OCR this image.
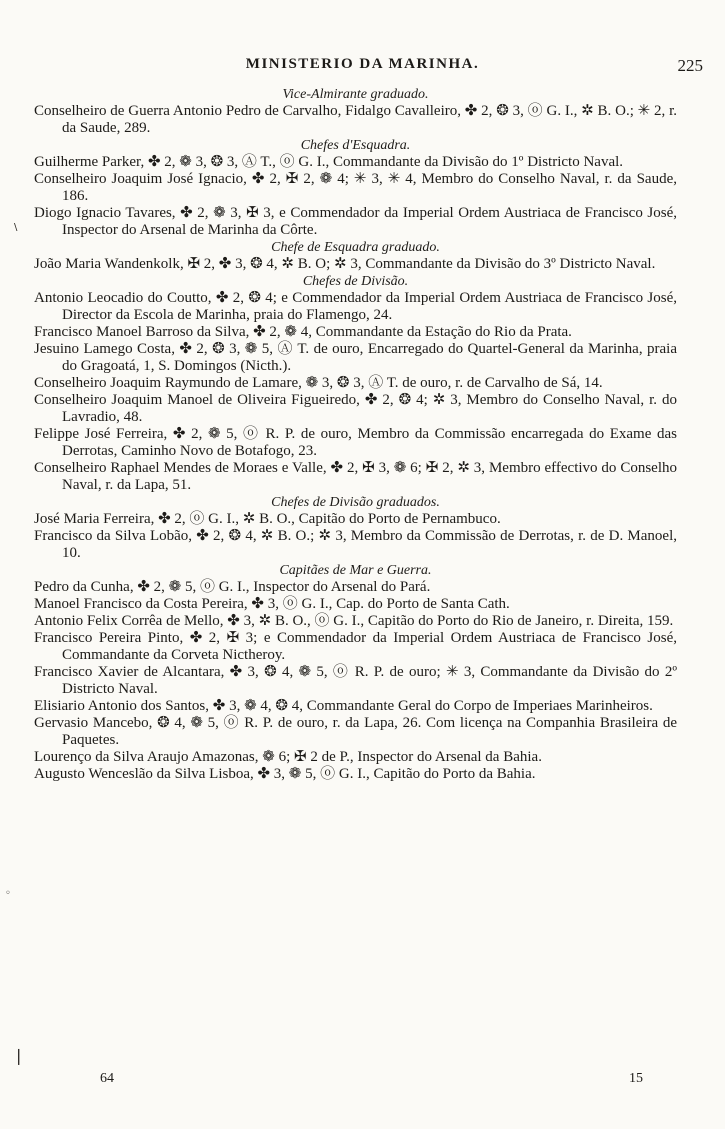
MINISTERIO DA MARINHA.	225

Vice-Almirante graduado.

Conselheiro de Guerra Antonio Pedro de Carvalho, Fidalgo Cavalleiro, ✤ 2, ❂ 3, ⓞ G. I., ✲ B. O.; ✳ 2, r. da Saude, 289.

Chefes d'Esquadra.

Guilherme Parker, ✤ 2, ❁ 3, ❂ 3, Ⓐ T., ⓞ G. I., Commandante da Divisão do 1º Districto Naval.

Conselheiro Joaquim José Ignacio, ✤ 2, ✠ 2, ❁ 4; ✳ 3, ✳ 4, Membro do Conselho Naval, r. da Saude, 186.

Diogo Ignacio Tavares, ✤ 2, ❁ 3, ✠ 3, e Commendador da Imperial Ordem Austriaca de Francisco José, Inspector do Arsenal de Marinha da Côrte.

Chefe de Esquadra graduado.

João Maria Wandenkolk, ✠ 2, ✤ 3, ❂ 4, ✲ B. O; ✲ 3, Commandante da Divisão do 3º Districto Naval.

Chefes de Divisão.

Antonio Leocadio do Coutto, ✤ 2, ❂ 4; e Commendador da Imperial Ordem Austriaca de Francisco José, Director da Escola de Marinha, praia do Flamengo, 24.

Francisco Manoel Barroso da Silva, ✤ 2, ❁ 4, Commandante da Estação do Rio da Prata.

Jesuino Lamego Costa, ✤ 2, ❂ 3, ❁ 5, Ⓐ T. de ouro, Encarregado do Quartel-General da Marinha, praia do Gragoatá, 1, S. Domingos (Nicth.).

Conselheiro Joaquim Raymundo de Lamare, ❁ 3, ❂ 3, Ⓐ T. de ouro, r. de Carvalho de Sá, 14.

Conselheiro Joaquim Manoel de Oliveira Figueiredo, ✤ 2, ❂ 4; ✲ 3, Membro do Conselho Naval, r. do Lavradio, 48.

Felippe José Ferreira, ✤ 2, ❁ 5, ⓞ R. P. de ouro, Membro da Commissão encarregada do Exame das Derrotas, Caminho Novo de Botafogo, 23.

Conselheiro Raphael Mendes de Moraes e Valle, ✤ 2, ✠ 3, ❁ 6; ✠ 2, ✲ 3, Membro effectivo do Conselho Naval, r. da Lapa, 51.

Chefes de Divisão graduados.

José Maria Ferreira, ✤ 2, ⓞ G. I., ✲ B. O., Capitão do Porto de Pernambuco.

Francisco da Silva Lobão, ✤ 2, ❂ 4, ✲ B. O.; ✲ 3, Membro da Commissão de Derrotas, r. de D. Manoel, 10.

Capitães de Mar e Guerra.

Pedro da Cunha, ✤ 2, ❁ 5, ⓞ G. I., Inspector do Arsenal do Pará.

Manoel Francisco da Costa Pereira, ✤ 3, ⓞ G. I., Cap. do Porto de Santa Cath.

Antonio Felix Corrêa de Mello, ✤ 3, ✲ B. O., ⓞ G. I., Capitão do Porto do Rio de Janeiro, r. Direita, 159.

Francisco Pereira Pinto, ✤ 2, ✠ 3; e Commendador da Imperial Ordem Austriaca de Francisco José, Commandante da Corveta Nictheroy.

Francisco Xavier de Alcantara, ✤ 3, ❂ 4, ❁ 5, ⓞ R. P. de ouro; ✳ 3, Commandante da Divisão do 2º Districto Naval.

Elisiario Antonio dos Santos, ✤ 3, ❁ 4, ❂ 4, Commandante Geral do Corpo de Imperiaes Marinheiros.

Gervasio Mancebo, ❂ 4, ❁ 5, ⓞ R. P. de ouro, r. da Lapa, 26. Com licença na Companhia Brasileira de Paquetes.

Lourenço da Silva Araujo Amazonas, ❁ 6; ✠ 2 de P., Inspector do Arsenal da Bahia.

Augusto Wenceslão da Silva Lisboa, ✤ 3, ❁ 5, ⓞ G. I., Capitão do Porto da Bahia.

\
◦
❘
64	15
